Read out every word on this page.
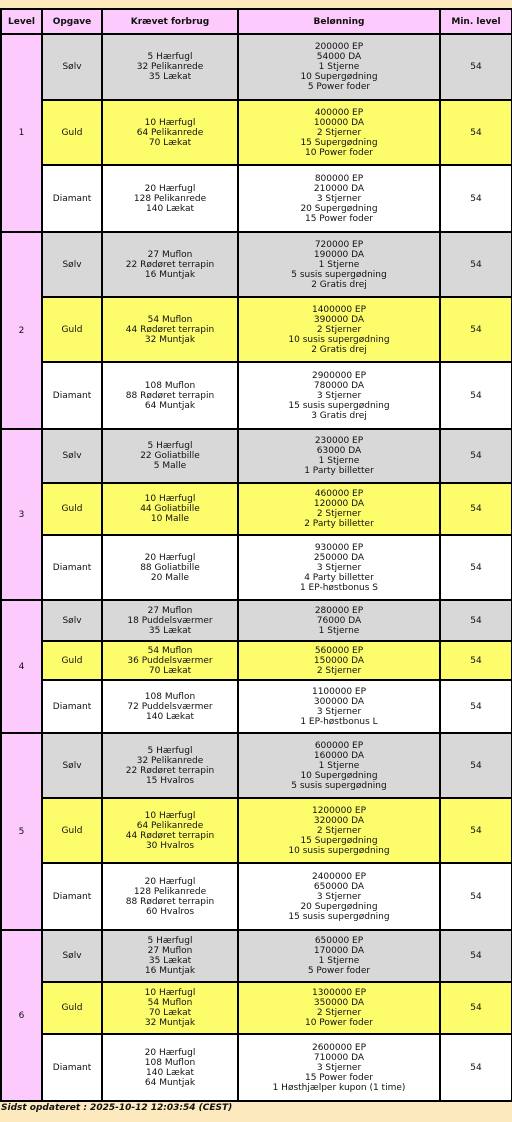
Level	Opgave	Krævet forbrug	Belønning	Min. level
1	Sølv	5 Hærfugl
32 Pelikanrede
35 Lækat	200000 EP
54000 DA
1 Stjerne
10 Supergødning
5 Power foder	54
	Guld	10 Hærfugl
64 Pelikanrede
70 Lækat	400000 EP
100000 DA
2 Stjerner
15 Supergødning
10 Power foder	54
	Diamant	20 Hærfugl
128 Pelikanrede
140 Lækat	800000 EP
210000 DA
3 Stjerner
20 Supergødning
15 Power foder	54
2	Sølv	27 Muflon
22 Rødøret terrapin
16 Muntjak	720000 EP
190000 DA
1 Stjerne
5 susis supergødning
2 Gratis drej	54
	Guld	54 Muflon
44 Rødøret terrapin
32 Muntjak	1400000 EP
390000 DA
2 Stjerner
10 susis supergødning
2 Gratis drej	54
	Diamant	108 Muflon
88 Rødøret terrapin
64 Muntjak	2900000 EP
780000 DA
3 Stjerner
15 susis supergødning
3 Gratis drej	54
3	Sølv	5 Hærfugl
22 Goliatbille
5 Malle	230000 EP
63000 DA
1 Stjerne
1 Party billetter	54
	Guld	10 Hærfugl
44 Goliatbille
10 Malle	460000 EP
120000 DA
2 Stjerner
2 Party billetter	54
	Diamant	20 Hærfugl
88 Goliatbille
20 Malle	930000 EP
250000 DA
3 Stjerner
4 Party billetter
1 EP-høstbonus S	54
4	Sølv	27 Muflon
18 Puddelsværmer
35 Lækat	280000 EP
76000 DA
1 Stjerne	54
	Guld	54 Muflon
36 Puddelsværmer
70 Lækat	560000 EP
150000 DA
2 Stjerner	54
	Diamant	108 Muflon
72 Puddelsværmer
140 Lækat	1100000 EP
300000 DA
3 Stjerner
1 EP-høstbonus L	54
5	Sølv	5 Hærfugl
32 Pelikanrede
22 Rødøret terrapin
15 Hvalros	600000 EP
160000 DA
1 Stjerne
10 Supergødning
5 susis supergødning	54
	Guld	10 Hærfugl
64 Pelikanrede
44 Rødøret terrapin
30 Hvalros	1200000 EP
320000 DA
2 Stjerner
15 Supergødning
10 susis supergødning	54
	Diamant	20 Hærfugl
128 Pelikanrede
88 Rødøret terrapin
60 Hvalros	2400000 EP
650000 DA
3 Stjerner
20 Supergødning
15 susis supergødning	54
6	Sølv	5 Hærfugl
27 Muflon
35 Lækat
16 Muntjak	650000 EP
170000 DA
1 Stjerne
5 Power foder	54
	Guld	10 Hærfugl
54 Muflon
70 Lækat
32 Muntjak	1300000 EP
350000 DA
2 Stjerner
10 Power foder	54
	Diamant	20 Hærfugl
108 Muflon
140 Lækat
64 Muntjak	2600000 EP
710000 DA
3 Stjerner
15 Power foder
1 Høsthjælper kupon (1 time)	54
Sidst opdateret : 2025-10-12 12:03:54 (CEST)
